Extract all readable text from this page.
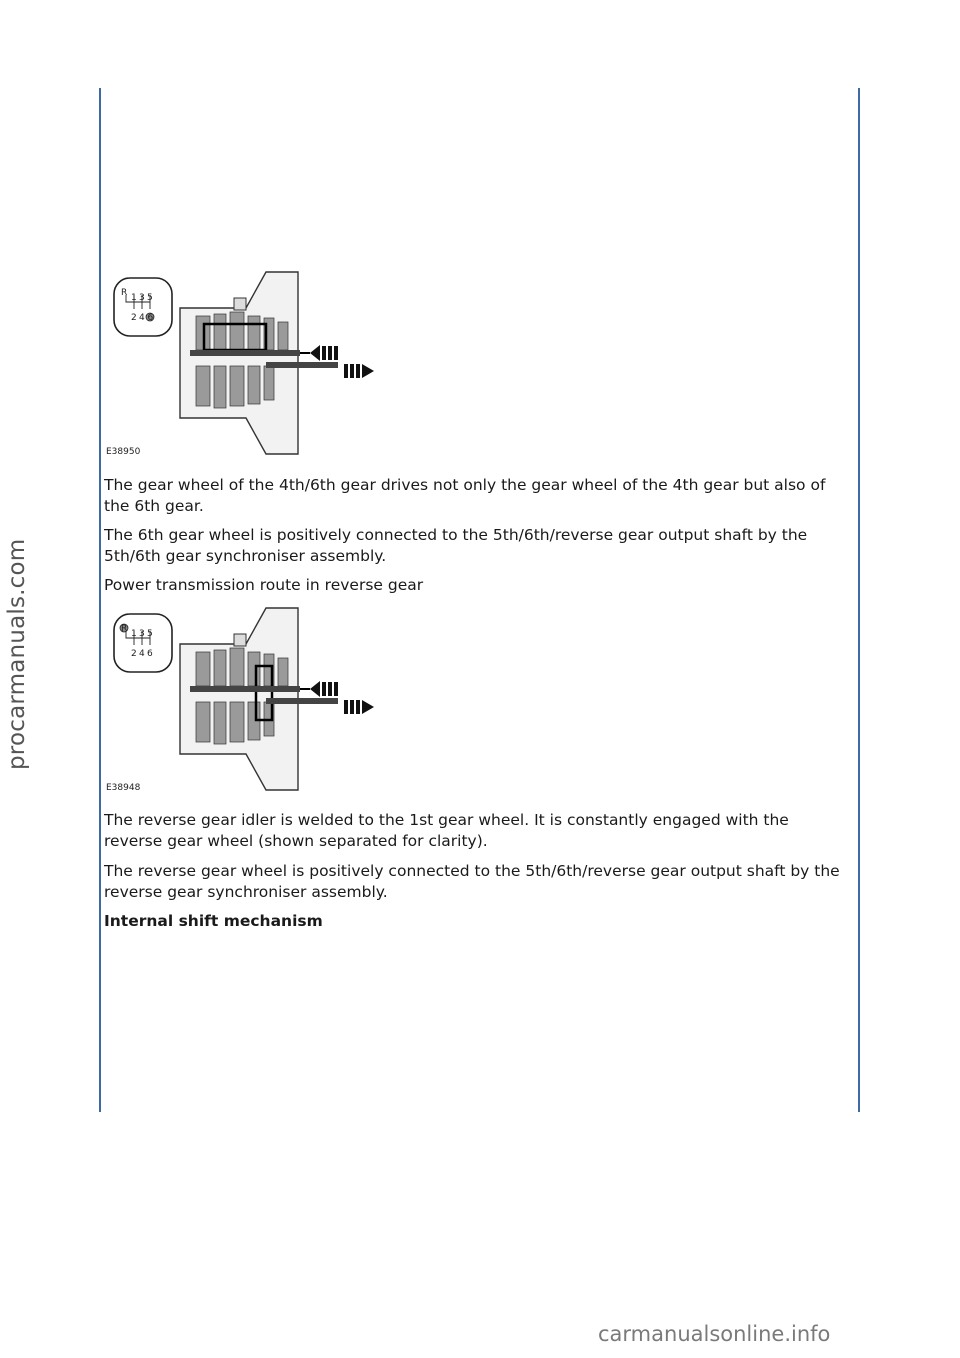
procarmanuals.com
carmanualsonline.info
R 1 3 5
2 4 6
E38950

The gear wheel of the 4th/6th gear drives not only the gear wheel of the 4th gear but also of the 6th gear.

The 6th gear wheel is positively connected to the 5th/6th/reverse gear output shaft by the 5th/6th gear synchroniser assembly.

Power transmission route in reverse gear

R 1 3 5
2 4 6
E38948

The reverse gear idler is welded to the 1st gear wheel. It is constantly engaged with the reverse gear wheel (shown separated for clarity).

The reverse gear wheel is positively connected to the 5th/6th/reverse gear output shaft by the reverse gear synchroniser assembly.

Internal shift mechanism
